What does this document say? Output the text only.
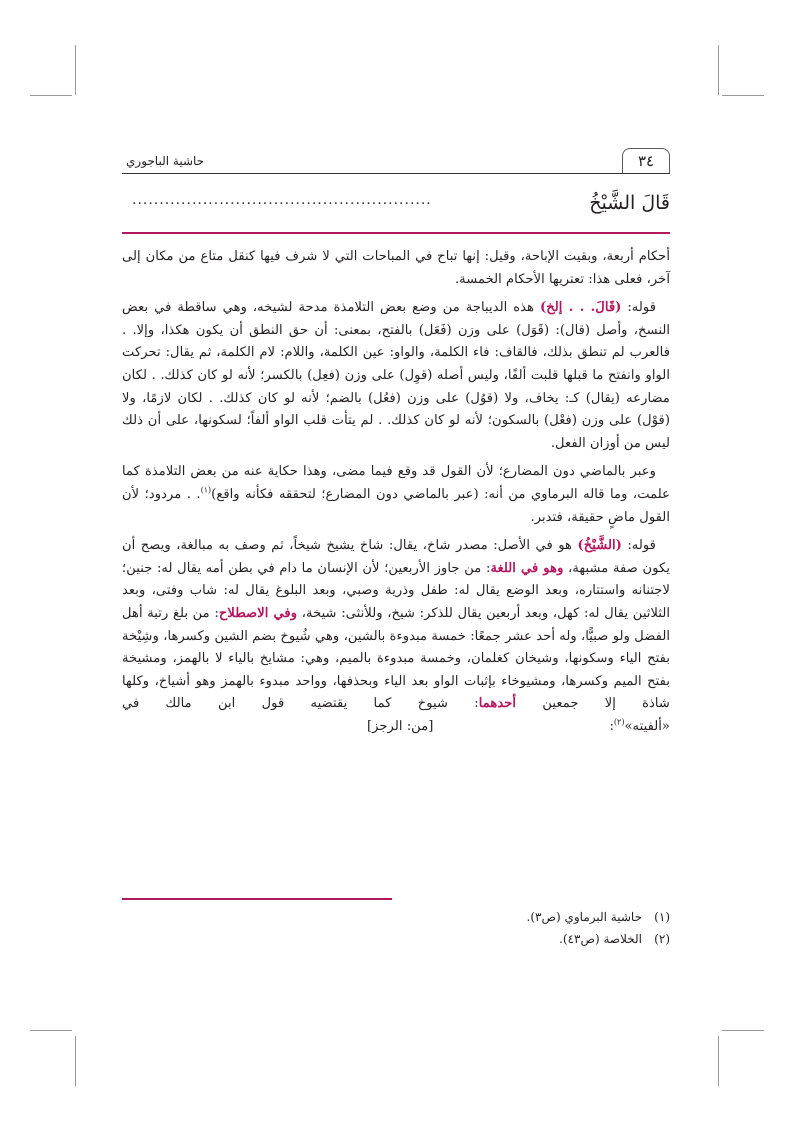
٣٤
حاشية الباجوري
قَالَ الشَّيْخُ
.......................................................

أحكام أربعة، وبقيت الإباحة، وقيل: إنها تباح في المباحات التي لا شرف فيها كنقل متاع من مكان إلى آخر، فعلى هذا: تعتريها الأحكام الخمسة.

قوله: (قَالَ. . . إلخ) هذه الديباجة من وضع بعض التلامذة مدحة لشيخه، وهي ساقطة في بعض النسخ، وأصل (قال): (قَوَل) على وزن (فَعَل) بالفتح، بمعنى: أن حق النطق أن يكون هكذا، وإلا. . فالعرب لم تنطق بذلك، فالقاف: فاء الكلمة، والواو: عين الكلمة، واللام: لام الكلمة، ثم يقال: تحركت الواو وانفتح ما قبلها قلبت ألفًا، وليس أصله (قوِل) على وزن (فعِل) بالكسر؛ لأنه لو كان كذلك. . لكان مضارعه (يقال) كـ: يخاف، ولا (قوُل) على وزن (فعُل) بالضم؛ لأنه لو كان كذلك. . لكان لازمًا، ولا (قوْل) على وزن (فعْل) بالسكون؛ لأنه لو كان كذلك. . لم يتأت قلب الواو ألفاً؛ لسكونها، على أن ذلك ليس من أوزان الفعل.

وعبر بالماضي دون المضارع؛ لأن القول قد وقع فيما مضى، وهذا حكاية عنه من بعض التلامذة كما علمت، وما قاله البرماوي من أنه: (عبر بالماضي دون المضارع؛ لتحققه فكأنه واقع)$^{(١)}$. . مردود؛ لأن القول ماضٍ حقيقة، فتدبر.

قوله: (الشَّيْخُ) هو في الأصل: مصدر شاخ، يقال: شاخ يشيخ شيخاً، ثم وصف به مبالغة، ويصح أن يكون صفة مشبهة، وهو في اللغة: من جاوز الأربعين؛ لأن الإنسان ما دام في بطن أمه يقال له: جنين؛ لاجتنانه واستتاره، وبعد الوضع يقال له: طفل وذرية وصبي، وبعد البلوغ يقال له: شاب وفتى، وبعد الثلاثين يقال له: كهل، وبعد أربعين يقال للذكر: شيخ، وللأنثى: شيخة، وفي الاصطلاح: من بلغ رتبة أهل الفضل ولو صبيًّا، وله أحد عشر جمعًا: خمسة مبدوءة بالشين، وهي شُيوخ بضم الشين وكسرها، وشِيْخة بفتح الياء وسكونها، وشيخان كغلمان، وخمسة مبدوءة بالميم، وهي: مشايخ بالياء لا بالهمز، ومشيخة بفتح الميم وكسرها، ومشيوخاء بإثبات الواو بعد الياء وبحذفها، وواحد مبدوء بالهمز وهو أشياخ، وكلها شاذة إلا جمعين أحدهما: شيوخ كما يقتضيه قول ابن مالك في «ألفيته»$^{(٢)}$:                                          [من: الرجز]

(١)حاشية البرماوي (ص٣).
(٢)الخلاصة (ص٤٣).
